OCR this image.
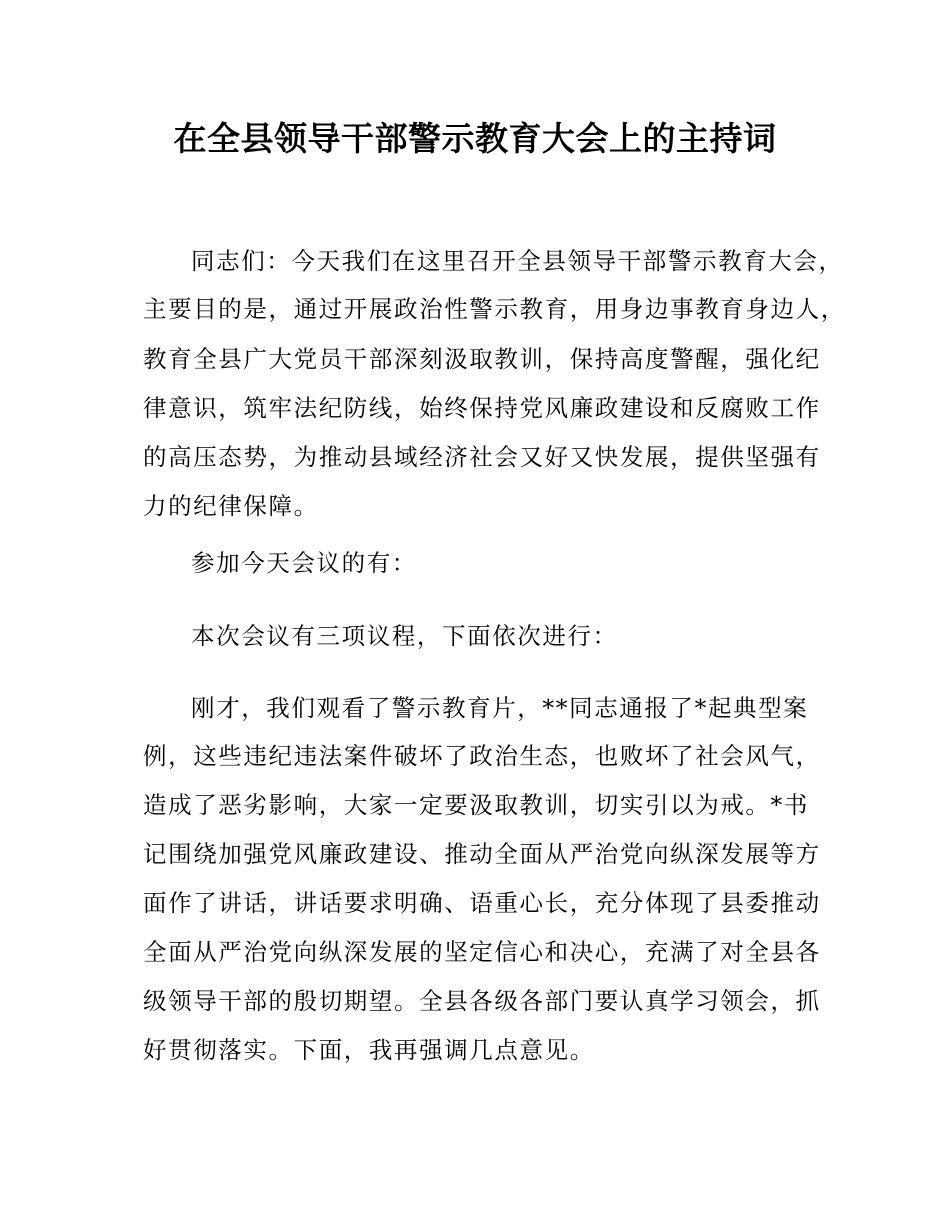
在全县领导干部警示教育大会上的主持词

同志们：今天我们在这里召开全县领导干部警示教育大会，

主要目的是，通过开展政治性警示教育，用身边事教育身边人，

教育全县广大党员干部深刻汲取教训，保持高度警醒，强化纪

律意识，筑牢法纪防线，始终保持党风廉政建设和反腐败工作

的高压态势，为推动县域经济社会又好又快发展，提供坚强有

力的纪律保障。

参加今天会议的有：

本次会议有三项议程，下面依次进行：

刚才，我们观看了警示教育片，**同志通报了*起典型案

例，这些违纪违法案件破坏了政治生态，也败坏了社会风气，

造成了恶劣影响，大家一定要汲取教训，切实引以为戒。*书

记围绕加强党风廉政建设、推动全面从严治党向纵深发展等方

面作了讲话，讲话要求明确、语重心长，充分体现了县委推动

全面从严治党向纵深发展的坚定信心和决心，充满了对全县各

级领导干部的殷切期望。全县各级各部门要认真学习领会，抓

好贯彻落实。下面，我再强调几点意见。
